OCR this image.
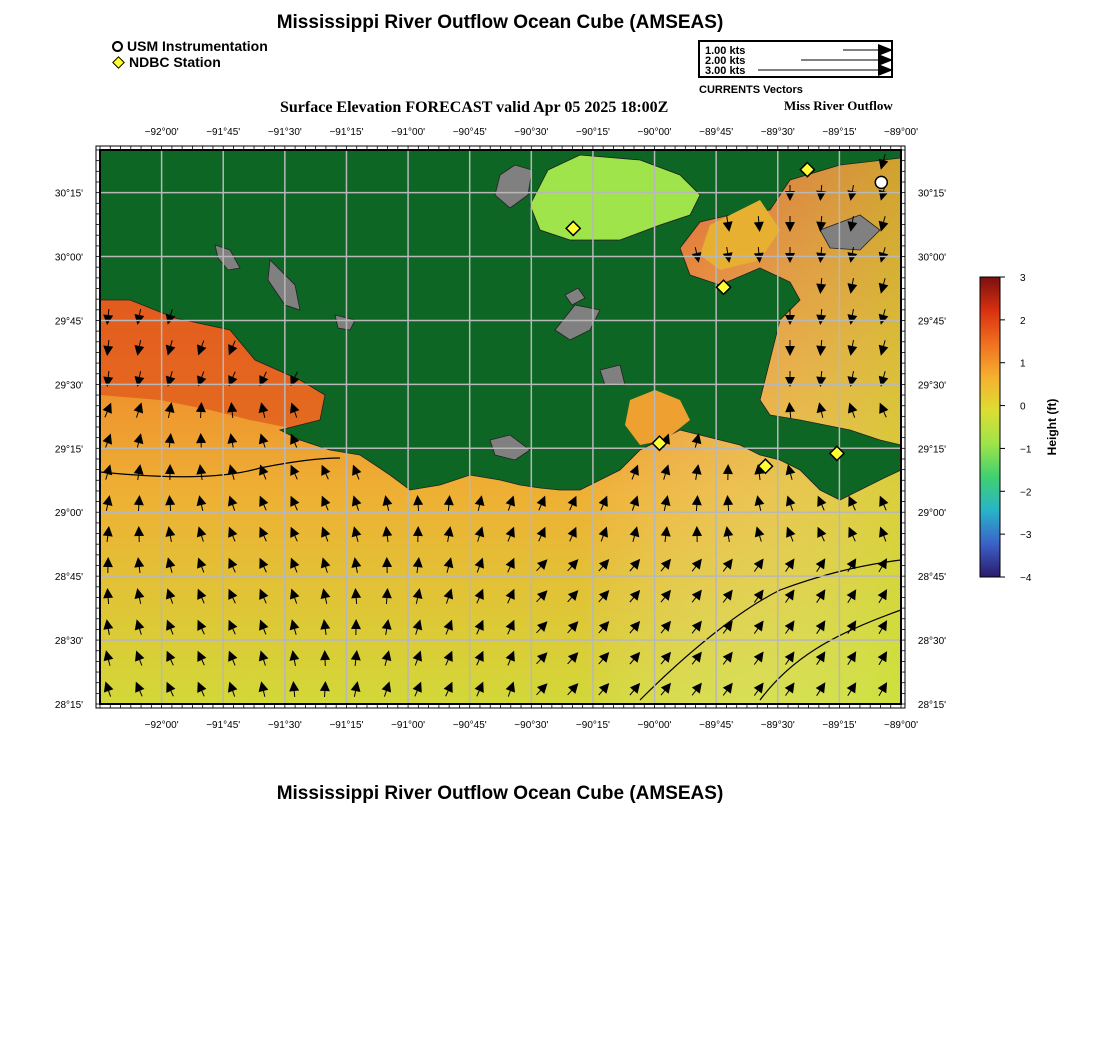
Mississippi River Outflow Ocean Cube (AMSEAS)
USM Instrumentation
NDBC Station
1.00 kts
2.00 kts
3.00 kts
CURRENTS Vectors
Surface Elevation FORECAST valid Apr 05 2025 18:00Z	Miss River Outflow
−92°00'
−92°00'
−91°45'
−91°45'
−91°30'
−91°30'
−91°15'
−91°15'
−91°00'
−91°00'
−90°45'
−90°45'
−90°30'
−90°30'
−90°15'
−90°15'
−90°00'
−90°00'
−89°45'
−89°45'
−89°30'
−89°30'
−89°15'
−89°15'
−89°00'
−89°00'
30°15'	30°15'
30°00'	30°00'
29°45'	29°45'
29°30'	29°30'
29°15'	29°15'
29°00'	29°00'
28°45'	28°45'
28°30'	28°30'
28°15'	28°15'
3
2
1
0
−1
−2
−3
−4
Height (ft)
Mississippi River Outflow Ocean Cube (AMSEAS)
